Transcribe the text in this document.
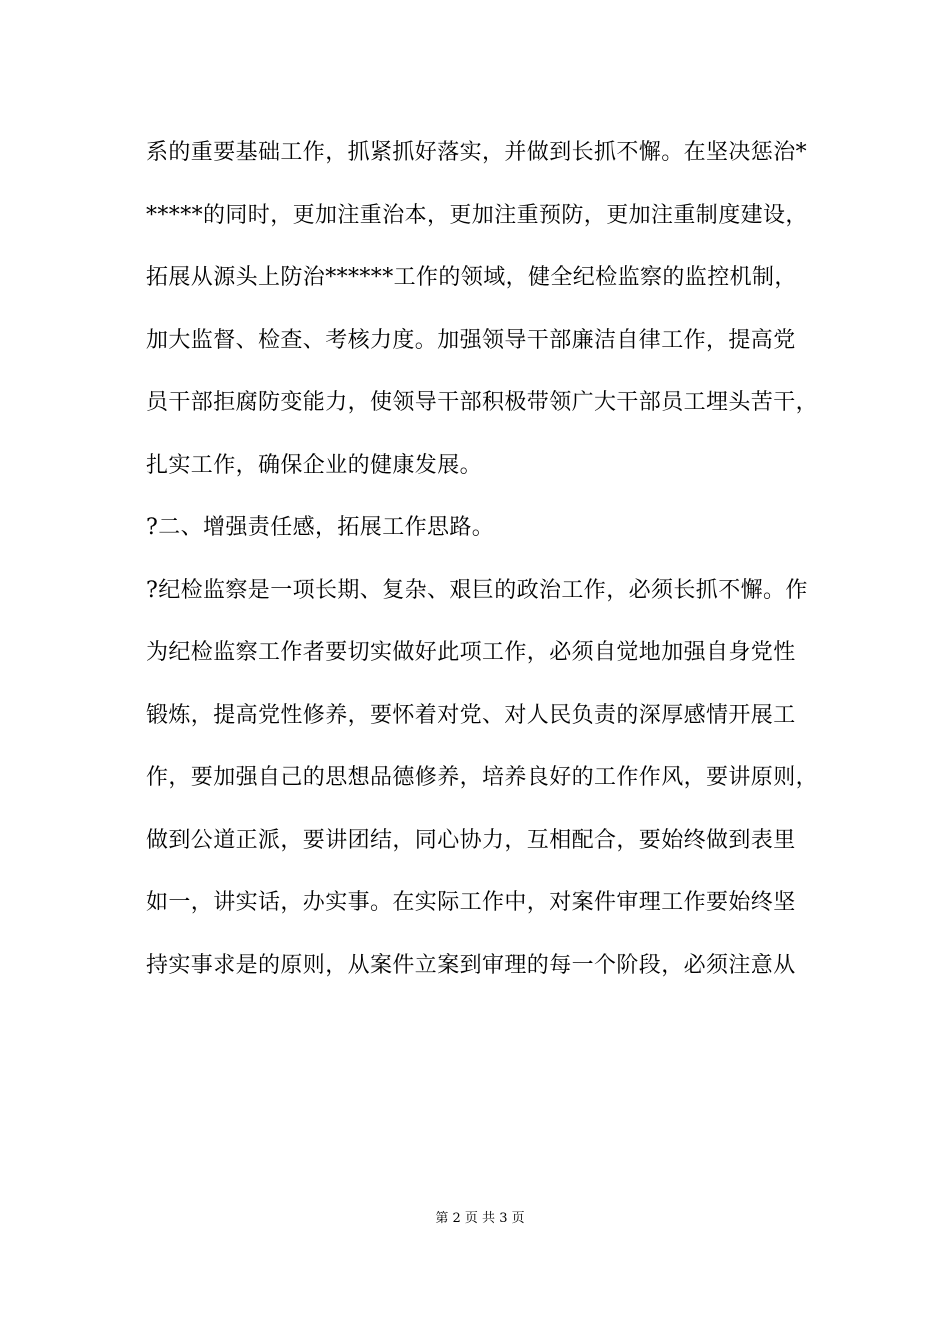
系的重要基础工作，抓紧抓好落实，并做到长抓不懈。在坚决惩治*
*****的同时，更加注重治本，更加注重预防，更加注重制度建设，
拓展从源头上防治******工作的领域，健全纪检监察的监控机制，
加大监督、检查、考核力度。加强领导干部廉洁自律工作，提高党
员干部拒腐防变能力，使领导干部积极带领广大干部员工埋头苦干，
扎实工作，确保企业的健康发展。
?二、增强责任感，拓展工作思路。
?纪检监察是一项长期、复杂、艰巨的政治工作，必须长抓不懈。作
为纪检监察工作者要切实做好此项工作，必须自觉地加强自身党性
锻炼，提高党性修养，要怀着对党、对人民负责的深厚感情开展工
作，要加强自己的思想品德修养，培养良好的工作作风，要讲原则，
做到公道正派，要讲团结，同心协力，互相配合，要始终做到表里
如一，讲实话，办实事。在实际工作中，对案件审理工作要始终坚
持实事求是的原则，从案件立案到审理的每一个阶段，必须注意从
第 2 页 共 3 页
